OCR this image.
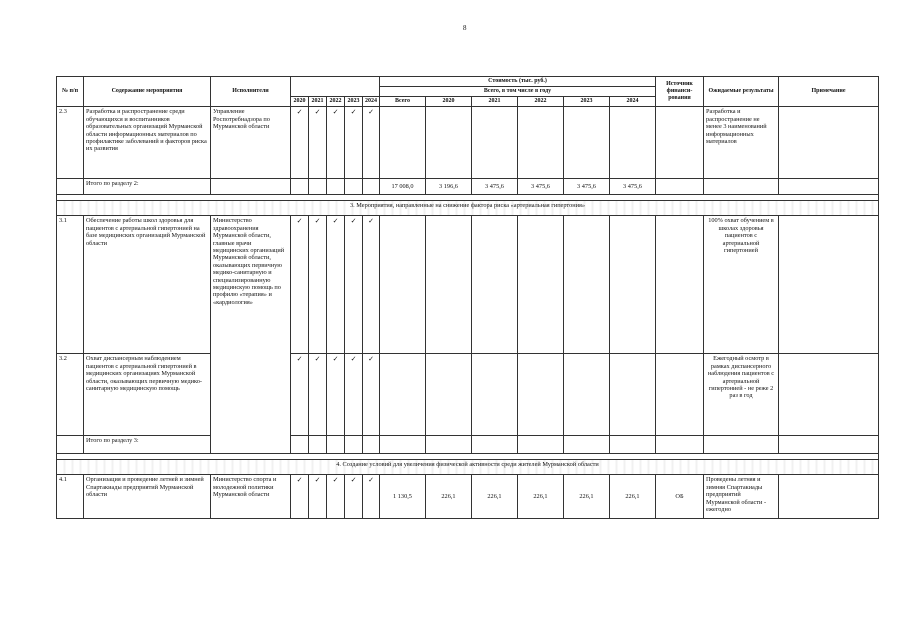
8
№ п/п	Содержание мероприятия	Исполнители						Стоимость (тыс. руб.)						Источник финанси-рования	Ожидаемые результаты	Примечание
								Всего, в том числе в году								
			2020	2021	2022	2023	2024	Всего	2020	2021	2022	2023	2024			
2.3	Разработка и распространение среди обучающихся и воспитанников образовательных организаций Мурманской области информационных материалов по профилактике заболеваний и факторов риска их развития	Управление Роспотребнадзора по Мурманской области	✓	✓	✓	✓	✓								Разработка и распространение не менее 3 наименований информационных материалов	
	Итого по разделу 2:							17 008,0	3 196,6	3 475,6	3 475,6	3 475,6	3 475,6			

3. Мероприятия, направленные на снижение фактора риска «артериальная гипертония»																
3.1	Обеспечение работы школ здоровья для пациентов с артериальной гипертонией на базе медицинских организаций Мурманской области	Министерство здравоохранения Мурманской области, главные врачи медицинских организаций Мурманской области, оказывающих первичную медико-санитарную и специализированную медицинскую помощь по профилю «терапия» и «кардиология»	✓	✓	✓	✓	✓								100% охват обучением в школах здоровья пациентов с артериальной гипертонией	
3.2	Охват диспансерным наблюдением пациентов с артериальной гипертонией в медицинских организациях Мурманской области, оказывающих первичную медико-санитарную медицинскую помощь		✓	✓	✓	✓	✓								Ежегодный осмотр в рамках диспансерного наблюдения пациентов с артериальной гипертонией - не реже 2 раз в год	
	Итого по разделу 3:															

4. Создание условий для увеличения физической активности среди жителей Мурманской области																
4.1	Организация и проведение летней и зимней Спартакиады предприятий Мурманской области	Министерство спорта и молодежной политики Мурманской области	✓	✓	✓	✓	✓	1 130,5	226,1	226,1	226,1	226,1	226,1	ОБ	Проведены летняя и зимняя Спартакиады предприятий Мурманской области - ежегодно	
